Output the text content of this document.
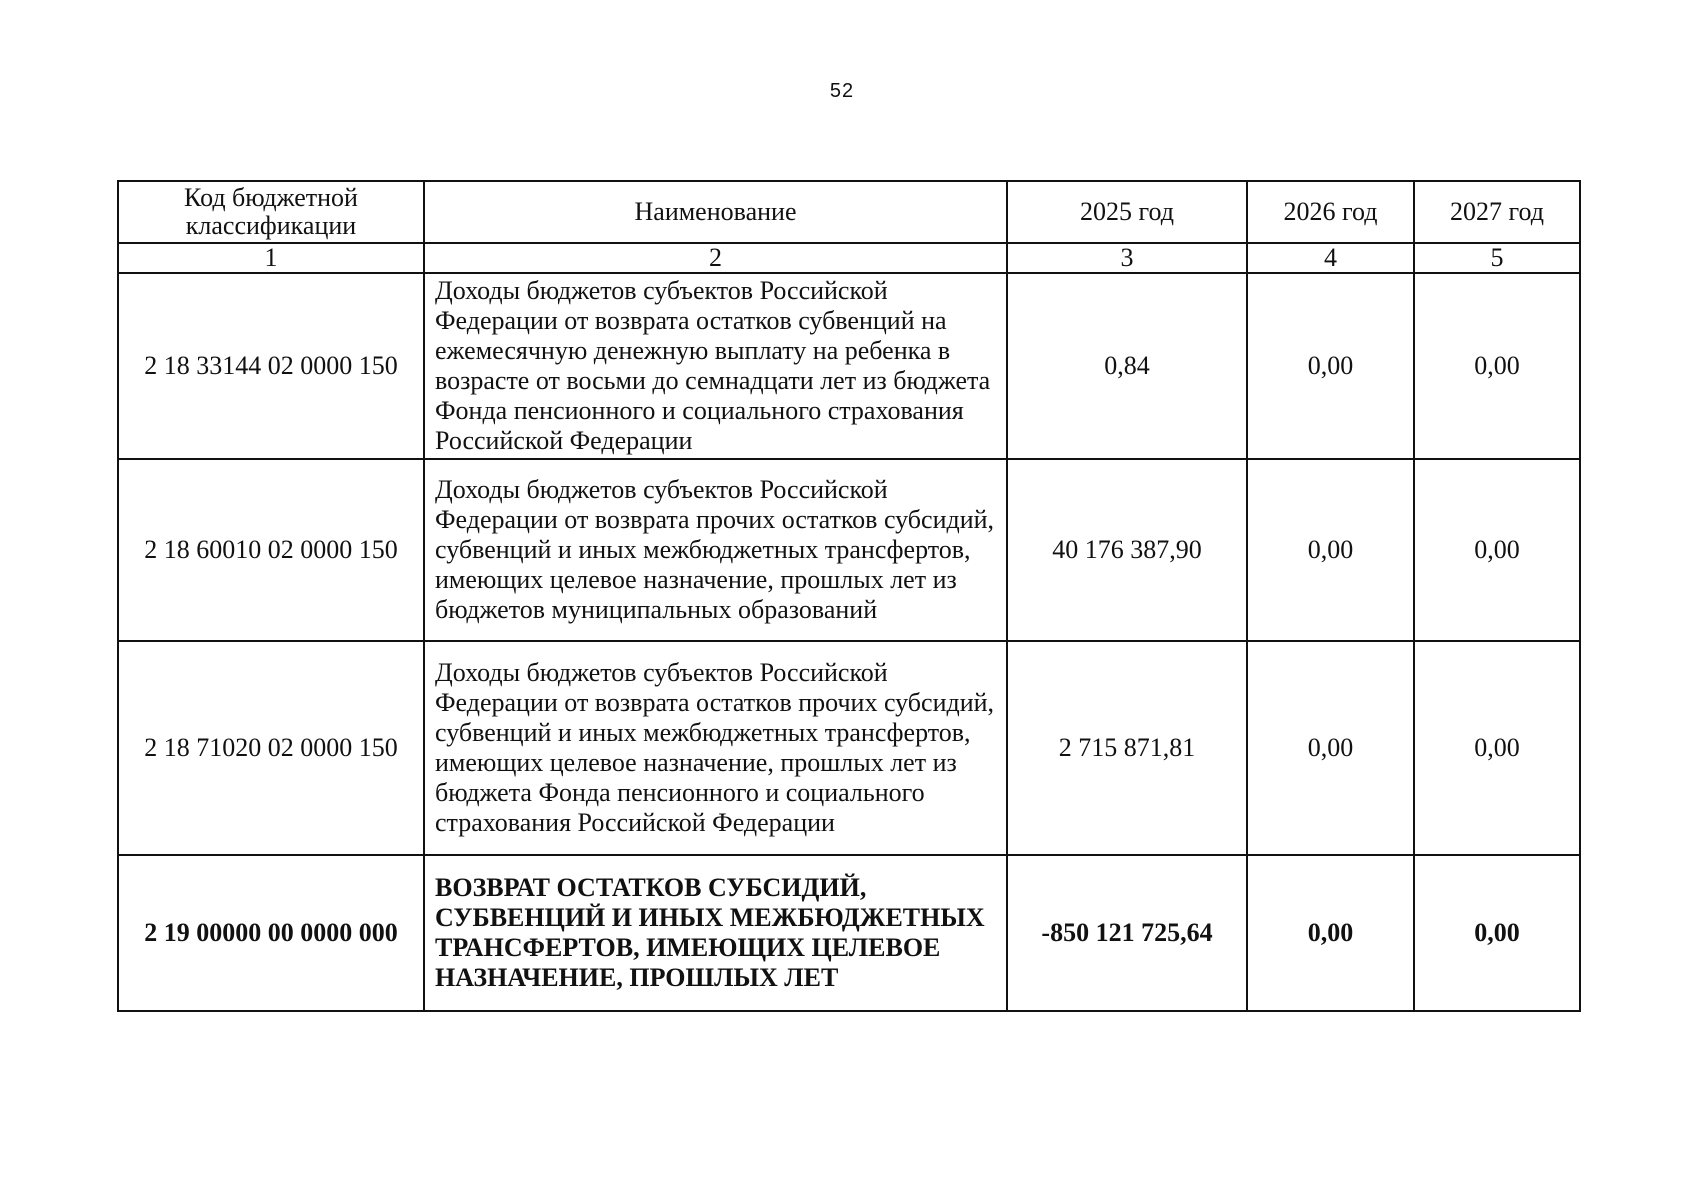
52
Код бюджетной классификации	Наименование	2025 год	2026 год	2027 год
1	2	3	4	5
2 18 33144 02 0000 150	Доходы бюджетов субъектов Российской Федерации от возврата остатков субвенций на ежемесячную денежную выплату на ребенка в возрасте от восьми до семнадцати лет из бюджета Фонда пенсионного и социального страхования Российской Федерации	0,84	0,00	0,00
2 18 60010 02 0000 150	Доходы бюджетов субъектов Российской Федерации от возврата прочих остатков субсидий, субвенций и иных межбюджетных трансфертов, имеющих целевое назначение, прошлых лет из бюджетов муниципальных образований	40 176 387,90	0,00	0,00
2 18 71020 02 0000 150	Доходы бюджетов субъектов Российской Федерации от возврата остатков прочих субсидий, субвенций и иных межбюджетных трансфертов, имеющих целевое назначение, прошлых лет из бюджета Фонда пенсионного и социального страхования Российской Федерации	2 715 871,81	0,00	0,00
2 19 00000 00 0000 000	ВОЗВРАТ ОСТАТКОВ СУБСИДИЙ, СУБВЕНЦИЙ И ИНЫХ МЕЖБЮДЖЕТНЫХ ТРАНСФЕРТОВ, ИМЕЮЩИХ ЦЕЛЕВОЕ НАЗНАЧЕНИЕ, ПРОШЛЫХ ЛЕТ	-850 121 725,64	0,00	0,00
